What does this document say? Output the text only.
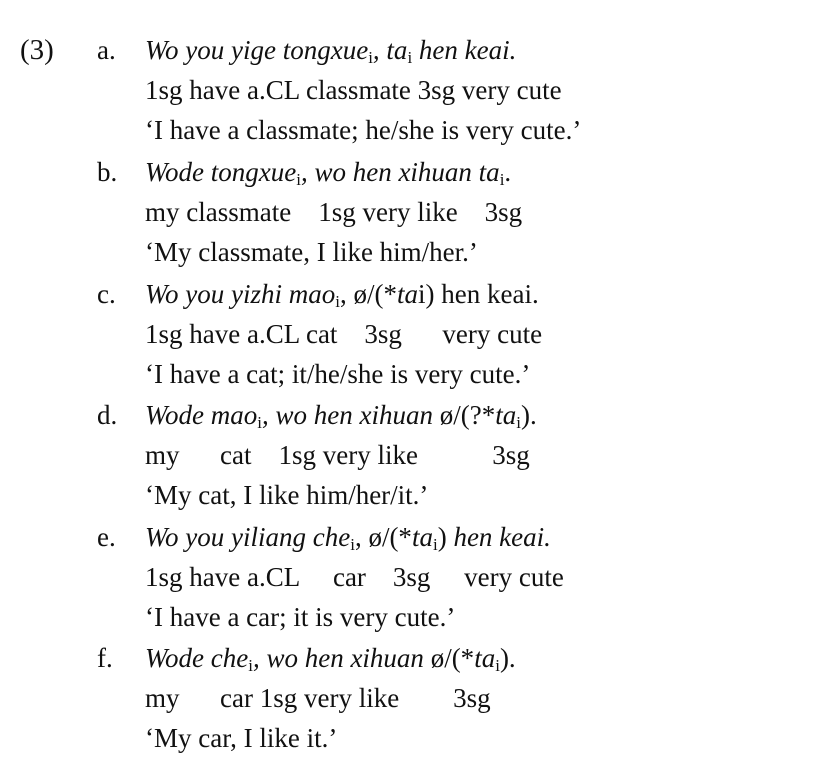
(3) a. Wo you yige tongxue$_i$, $ta_i$ hen keai.
1sg have a.CL classmate 3sg very cute
‘I have a classmate; he/she is very cute.’
b. Wode tongxue$_i$, wo hen xihuan $ta_i$.
my classmate    1sg very like    3sg
‘My classmate, I like him/her.’
c. Wo you yizhi mao$_i$, ø/(*tai) hen keai.
1sg have a.CL cat    3sg      very cute
‘I have a cat; it/he/she is very cute.’
d. Wode mao$_i$, wo hen xihuan $ø/(?*ta_i)$.
my      cat    1sg very like           3sg
‘My cat, I like him/her/it.’
e. Wo you yiliang che$_i$, $ø/(*ta_i)$ hen keai.
1sg have a.CL     car    3sg     very cute
‘I have a car; it is very cute.’
f. Wode che$_i$, wo hen xihuan $ø/(*ta_i)$.
my      car 1sg very like        3sg
‘My car, I like it.’
